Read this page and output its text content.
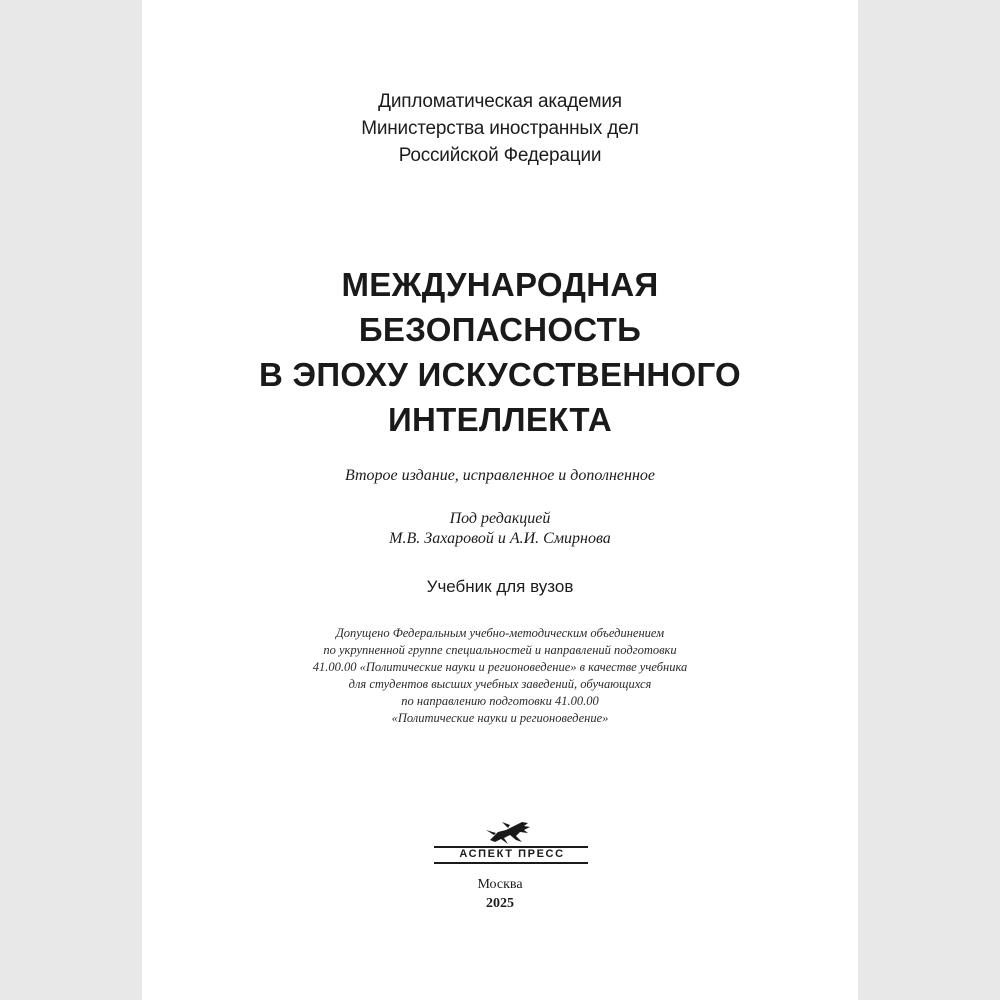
Дипломатическая академия
Министерства иностранных дел
Российской Федерации
МЕЖДУНАРОДНАЯ
БЕЗОПАСНОСТЬ
В ЭПОХУ ИСКУССТВЕННОГО
ИНТЕЛЛЕКТА
Второе издание, исправленное и дополненное
Под редакцией
М.В. Захаровой и А.И. Смирнова
Учебник для вузов
Допущено Федеральным учебно-методическим объединением
по укрупненной группе специальностей и направлений подготовки
41.00.00 «Политические науки и регионоведение» в качестве учебника
для студентов высших учебных заведений, обучающихся
по направлению подготовки 41.00.00
«Политические науки и регионоведение»
АСПЕКТ ПРЕСС
Москва
2025
